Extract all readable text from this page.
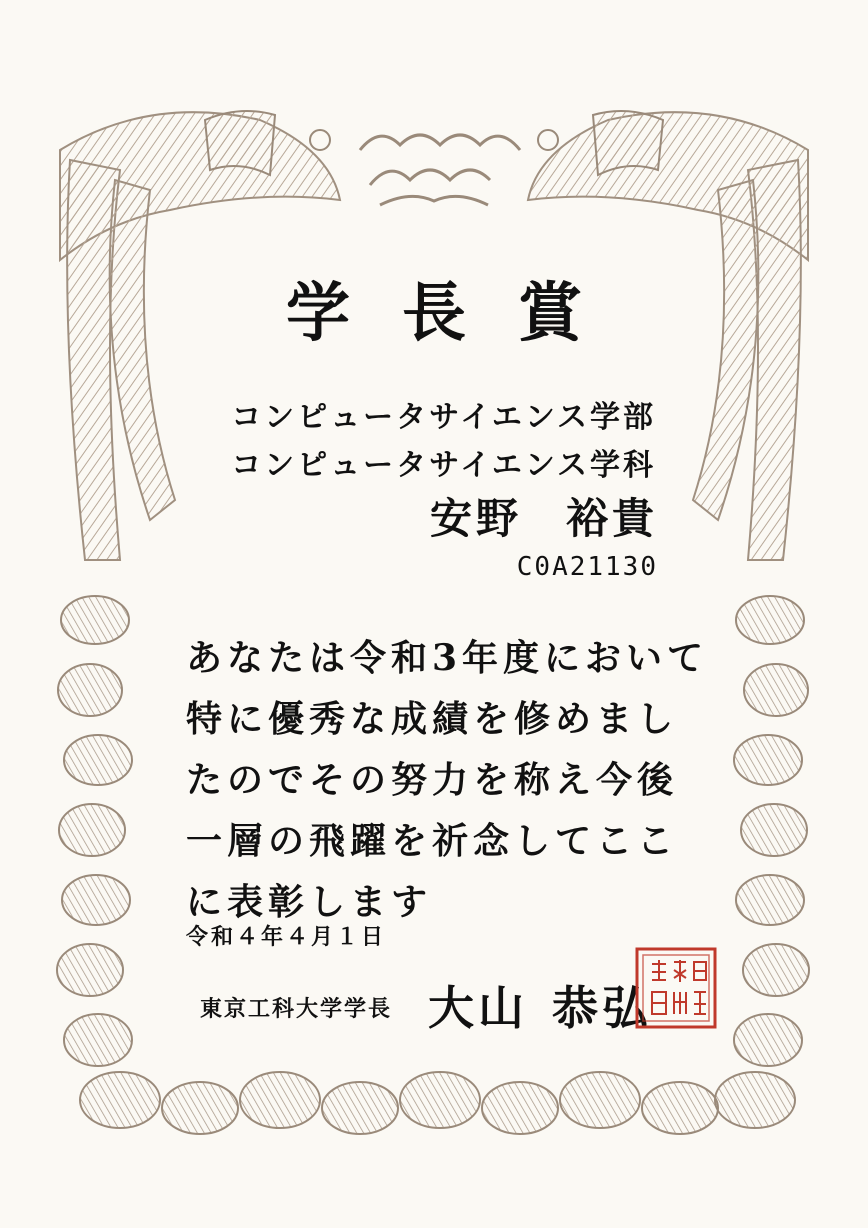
学長賞
コンピュータサイエンス学部
コンピュータサイエンス学科
安野 裕貴
C0A21130
あなたは令和3年度において
特に優秀な成績を修めまし
たのでその努力を称え今後
一層の飛躍を祈念してここ
に表彰します
令和４年４月１日
東京工科大学学長 大山 恭弘
